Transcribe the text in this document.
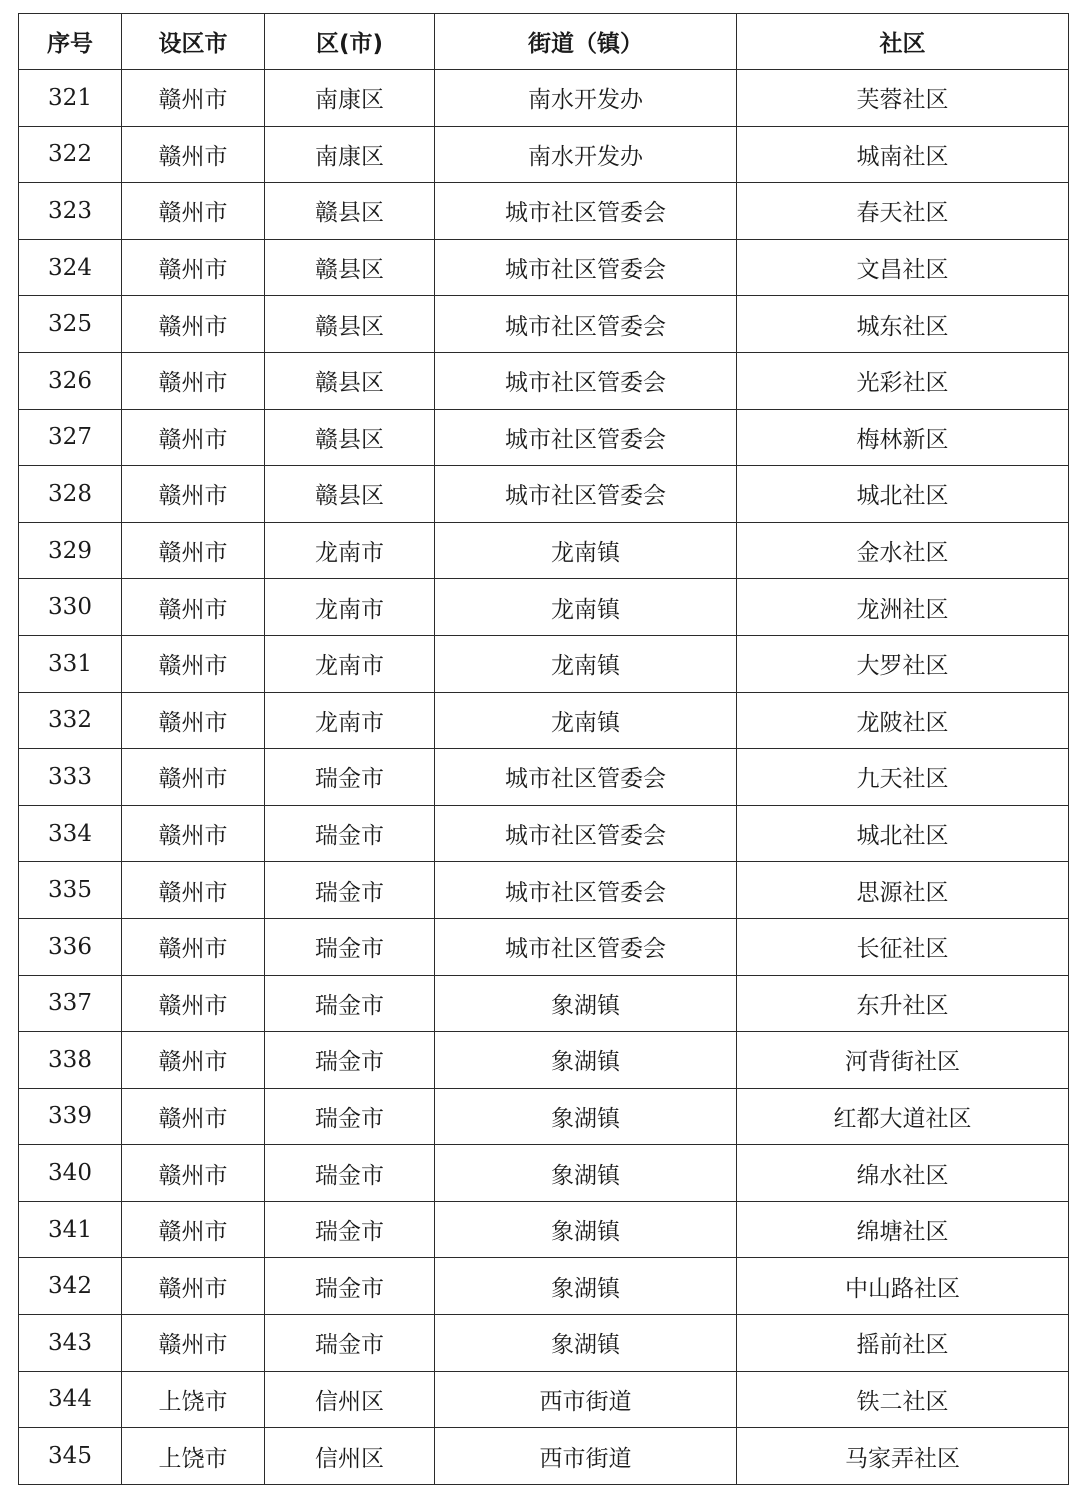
序号	设区市	区(市)	街道（镇）	社区
321	赣州市	南康区	南水开发办	芙蓉社区
322	赣州市	南康区	南水开发办	城南社区
323	赣州市	赣县区	城市社区管委会	春天社区
324	赣州市	赣县区	城市社区管委会	文昌社区
325	赣州市	赣县区	城市社区管委会	城东社区
326	赣州市	赣县区	城市社区管委会	光彩社区
327	赣州市	赣县区	城市社区管委会	梅林新区
328	赣州市	赣县区	城市社区管委会	城北社区
329	赣州市	龙南市	龙南镇	金水社区
330	赣州市	龙南市	龙南镇	龙洲社区
331	赣州市	龙南市	龙南镇	大罗社区
332	赣州市	龙南市	龙南镇	龙陂社区
333	赣州市	瑞金市	城市社区管委会	九天社区
334	赣州市	瑞金市	城市社区管委会	城北社区
335	赣州市	瑞金市	城市社区管委会	思源社区
336	赣州市	瑞金市	城市社区管委会	长征社区
337	赣州市	瑞金市	象湖镇	东升社区
338	赣州市	瑞金市	象湖镇	河背街社区
339	赣州市	瑞金市	象湖镇	红都大道社区
340	赣州市	瑞金市	象湖镇	绵水社区
341	赣州市	瑞金市	象湖镇	绵塘社区
342	赣州市	瑞金市	象湖镇	中山路社区
343	赣州市	瑞金市	象湖镇	摇前社区
344	上饶市	信州区	西市街道	铁二社区
345	上饶市	信州区	西市街道	马家弄社区
